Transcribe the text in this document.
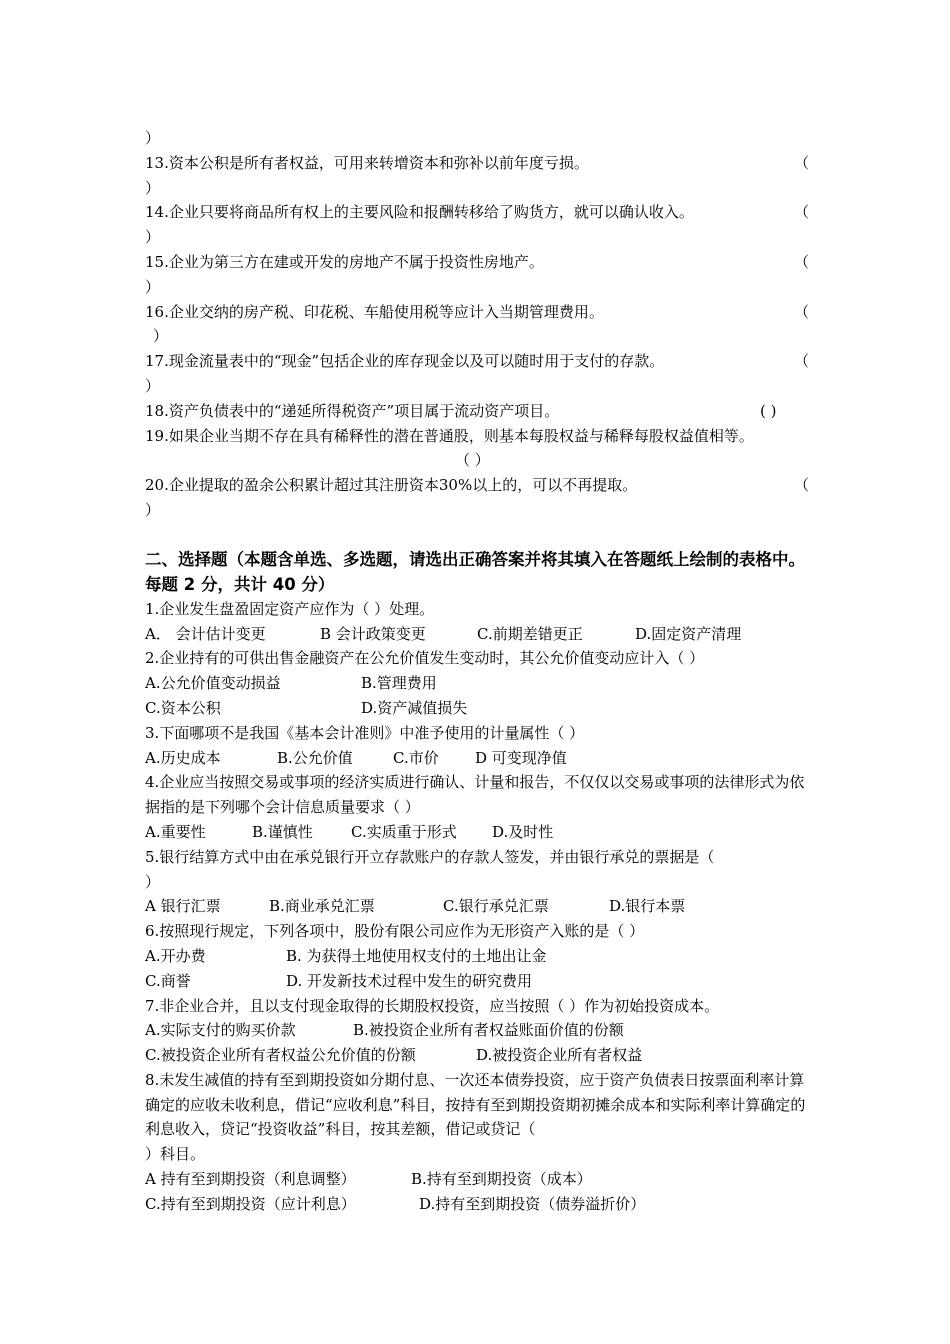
）
13.资本公积是所有者权益，可用来转增资本和弥补以前年度亏损。	（
）
14.企业只要将商品所有权上的主要风险和报酬转移给了购货方，就可以确认收入。	（
）
15.企业为第三方在建或开发的房地产不属于投资性房地产。	（
）
16.企业交纳的房产税、印花税、车船使用税等应计入当期管理费用。	（
）
17.现金流量表中的“现金”包括企业的库存现金以及可以随时用于支付的存款。	（
）
18.资产负债表中的“递延所得税资产”项目属于流动资产项目。	( )
19.如果企业当期不存在具有稀释性的潜在普通股，则基本每股权益与稀释每股权益值相等。
（ ）
20.企业提取的盈余公积累计超过其注册资本30%以上的，可以不再提取。	（
）
二、选择题（本题含单选、多选题，请选出正确答案并将其填入在答题纸上绘制的表格中。每题 2 分，共计 40 分）
1.企业发生盘盈固定资产应作为（ ）处理。
A． 会计估计变更	B 会计政策变更	C.前期差错更正	D.固定资产清理
2.企业持有的可供出售金融资产在公允价值发生变动时，其公允价值变动应计入（ ）
A.公允价值变动损益	B.管理费用
C.资本公积	D.资产减值损失
3.下面哪项不是我国《基本会计准则》中准予使用的计量属性（ ）
A.历史成本	B.公允价值	C.市价 D 可变现净值
4.企业应当按照交易或事项的经济实质进行确认、计量和报告，不仅仅以交易或事项的法律形式为依据指的是下列哪个会计信息质量要求（ ）
A.重要性	B.谨慎性	C.实质重于形式 D.及时性
5.银行结算方式中由在承兑银行开立存款账户的存款人签发，并由银行承兑的票据是（
）
A 银行汇票	B.商业承兑汇票	C.银行承兑汇票	D.银行本票
6.按照现行规定，下列各项中，股份有限公司应作为无形资产入账的是（ ）
A.开办费	B. 为获得土地使用权支付的土地出让金
C.商誉	D. 开发新技术过程中发生的研究费用
7.非企业合并，且以支付现金取得的长期股权投资，应当按照（ ）作为初始投资成本。
A.实际支付的购买价款	B.被投资企业所有者权益账面价值的份额
C.被投资企业所有者权益公允价值的份额	D.被投资企业所有者权益
8.未发生减值的持有至到期投资如分期付息、一次还本债券投资，应于资产负债表日按票面利率计算确定的应收未收利息，借记“应收利息”科目，按持有至到期投资期初摊余成本和实际利率计算确定的利息收入，贷记“投资收益”科目，按其差额，借记或贷记（
）科目。
A 持有至到期投资（利息调整）	B.持有至到期投资（成本）
C.持有至到期投资（应计利息）	D.持有至到期投资（债券溢折价）
